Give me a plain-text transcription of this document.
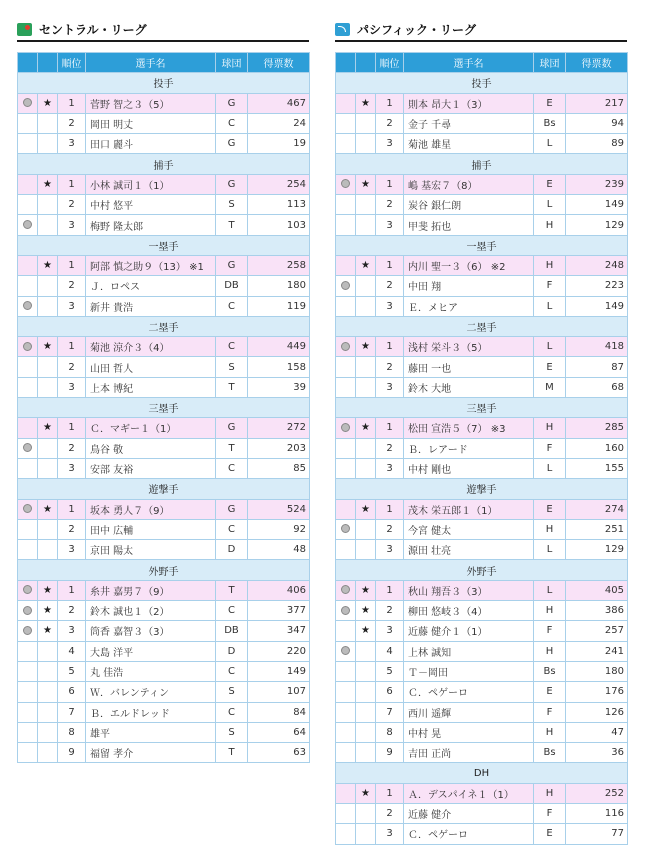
セントラル・リーグ
		順位	選手名	球団	得票数
投手					
	★	1	菅野 智之３（5）	G	467
		2	岡田 明丈	C	24
		3	田口 麗斗	G	19
捕手					
	★	1	小林 誠司１（1）	G	254
		2	中村 悠平	S	113
		3	梅野 隆太郎	T	103
一塁手					
	★	1	阿部 慎之助９（13） ※1	G	258
		2	Ｊ．ロペス	DB	180
		3	新井 貴浩	C	119
二塁手					
	★	1	菊池 涼介３（4）	C	449
		2	山田 哲人	S	158
		3	上本 博紀	T	39
三塁手					
	★	1	Ｃ．マギー１（1）	G	272
		2	鳥谷 敬	T	203
		3	安部 友裕	C	85
遊撃手					
	★	1	坂本 勇人７（9）	G	524
		2	田中 広輔	C	92
		3	京田 陽太	D	48
外野手					
	★	1	糸井 嘉男７（9）	T	406
	★	2	鈴木 誠也１（2）	C	377
	★	3	筒香 嘉智３（3）	DB	347
		4	大島 洋平	D	220
		5	丸 佳浩	C	149
		6	Ｗ．バレンティン	S	107
		7	Ｂ．エルドレッド	C	84
		8	雄平	S	64
		9	福留 孝介	T	63
パシフィック・リーグ
		順位	選手名	球団	得票数
投手					
	★	1	則本 昂大１（3）	E	217
		2	金子 千尋	Bs	94
		3	菊池 雄星	L	89
捕手					
	★	1	嶋 基宏７（8）	E	239
		2	炭谷 銀仁朗	L	149
		3	甲斐 拓也	H	129
一塁手					
	★	1	内川 聖一３（6） ※2	H	248
		2	中田 翔	F	223
		3	Ｅ．メヒア	L	149
二塁手					
	★	1	浅村 栄斗３（5）	L	418
		2	藤田 一也	E	87
		3	鈴木 大地	M	68
三塁手					
	★	1	松田 宣浩５（7） ※3	H	285
		2	Ｂ．レアード	F	160
		3	中村 剛也	L	155
遊撃手					
	★	1	茂木 栄五郎１（1）	E	274
		2	今宮 健太	H	251
		3	源田 壮亮	L	129
外野手					
	★	1	秋山 翔吾３（3）	L	405
	★	2	柳田 悠岐３（4）	H	386
	★	3	近藤 健介１（1）	F	257
		4	上林 誠知	H	241
		5	Ｔ－岡田	Bs	180
		6	Ｃ．ペゲーロ	E	176
		7	西川 遥輝	F	126
		8	中村 晃	H	47
		9	吉田 正尚	Bs	36
DH					
	★	1	Ａ．デスパイネ１（1）	H	252
		2	近藤 健介	F	116
		3	Ｃ．ペゲーロ	E	77
